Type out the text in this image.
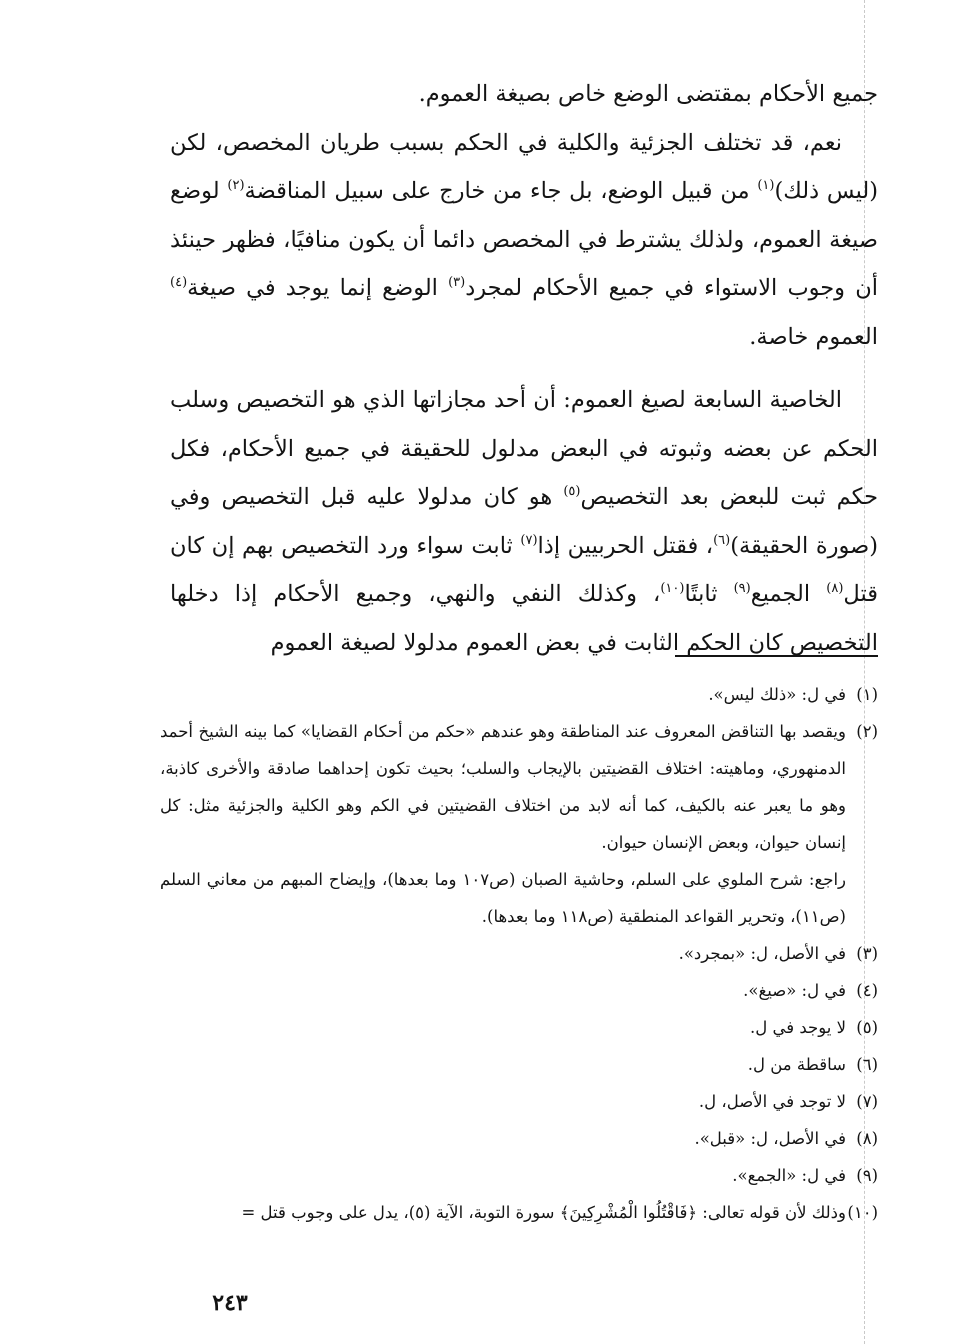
جميع الأحكام بمقتضى الوضع خاص بصيغة العموم.

نعم، قد تختلف الجزئية والكلية في الحكم بسبب طريان المخصص، لكن (ليس ذلك)$^{(١)}$ من قبيل الوضع، بل جاء من خارج على سبيل المناقضة$^{(٢)}$ لوضع صيغة العموم، ولذلك يشترط في المخصص دائما أن يكون منافيًا، فظهر حينئذ أن وجوب الاستواء في جميع الأحكام لمجرد$^{(٣)}$ الوضع إنما يوجد في صيغة$^{(٤)}$ العموم خاصة.

الخاصية السابعة لصيغ العموم: أن أحد مجازاتها الذي هو التخصيص وسلب الحكم عن بعضه وثبوته في البعض مدلول للحقيقة في جميع الأحكام، فكل حكم ثبت للبعض بعد التخصيص$^{(٥)}$ هو كان مدلولا عليه قبل التخصيص وفي (صورة الحقيقة)$^{(٦)}$، فقتل الحربيين إذا$^{(٧)}$ ثابت سواء ورد التخصيص بهم إن كان قتل$^{(٨)}$ الجميع$^{(٩)}$ ثابتًا$^{(١٠)}$، وكذلك النفي والنهي، وجميع الأحكام إذا دخلها التخصيص كان الحكم الثابت في بعض العموم مدلولا لصيغة العموم

(١)
في ل: «ذلك ليس».
(٢)
ويقصد بها التناقض المعروف عند المناطقة وهو عندهم «حكم من أحكام القضايا» كما بينه الشيخ أحمد الدمنهوري، وماهيته: اختلاف القضيتين بالإيجاب والسلب؛ بحيث تكون إحداهما صادقة والأخرى كاذبة، وهو ما يعبر عنه بالكيف، كما أنه لابد من اختلاف القضيتين في الكم وهو الكلية والجزئية مثل: كل إنسان حيوان، وبعض الإنسان حيوان.
راجع: شرح الملوي على السلم، وحاشية الصبان (ص١٠٧ وما بعدها)، وإيضاح المبهم من معاني السلم (ص١١)، وتحرير القواعد المنطقية (ص١١٨ وما بعدها).
(٣)
في الأصل، ل: «بمجرد».
(٤)
في ل: «صيغ».
(٥)
لا يوجد في ل.
(٦)
ساقطة من ل.
(٧)
لا توجد في الأصل، ل.
(٨)
في الأصل، ل: «قبل».
(٩)
في ل: «الجمع».
(١٠)
وذلك لأن قوله تعالى: ﴿فَاقْتُلُوا الْمُشْرِكِينَ﴾ سورة التوبة، الآية (٥)، يدل على وجوب قتل =
٢٤٣
